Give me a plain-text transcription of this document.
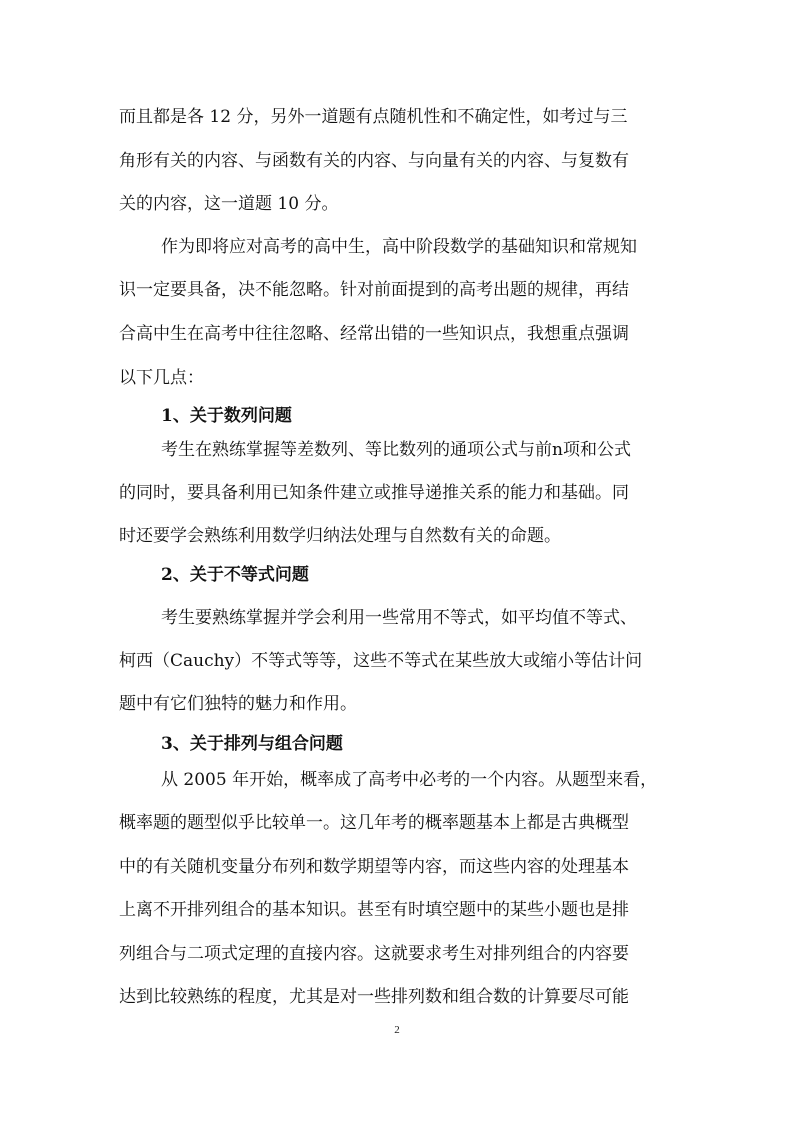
而且都是各 12 分，另外一道题有点随机性和不确定性，如考过与三
角形有关的内容、与函数有关的内容、与向量有关的内容、与复数有
关的内容，这一道题 10 分。
作为即将应对高考的高中生，高中阶段数学的基础知识和常规知
识一定要具备，决不能忽略。针对前面提到的高考出题的规律，再结
合高中生在高考中往往忽略、经常出错的一些知识点，我想重点强调
以下几点：
1、关于数列问题
考生在熟练掌握等差数列、等比数列的通项公式与前n项和公式
的同时，要具备利用已知条件建立或推导递推关系的能力和基础。同
时还要学会熟练利用数学归纳法处理与自然数有关的命题。
2、关于不等式问题
考生要熟练掌握并学会利用一些常用不等式，如平均值不等式、
柯西（Cauchy）不等式等等，这些不等式在某些放大或缩小等估计问
题中有它们独特的魅力和作用。
3、关于排列与组合问题
从 2005 年开始，概率成了高考中必考的一个内容。从题型来看，
概率题的题型似乎比较单一。这几年考的概率题基本上都是古典概型
中的有关随机变量分布列和数学期望等内容，而这些内容的处理基本
上离不开排列组合的基本知识。甚至有时填空题中的某些小题也是排
列组合与二项式定理的直接内容。这就要求考生对排列组合的内容要
达到比较熟练的程度，尤其是对一些排列数和组合数的计算要尽可能
2
